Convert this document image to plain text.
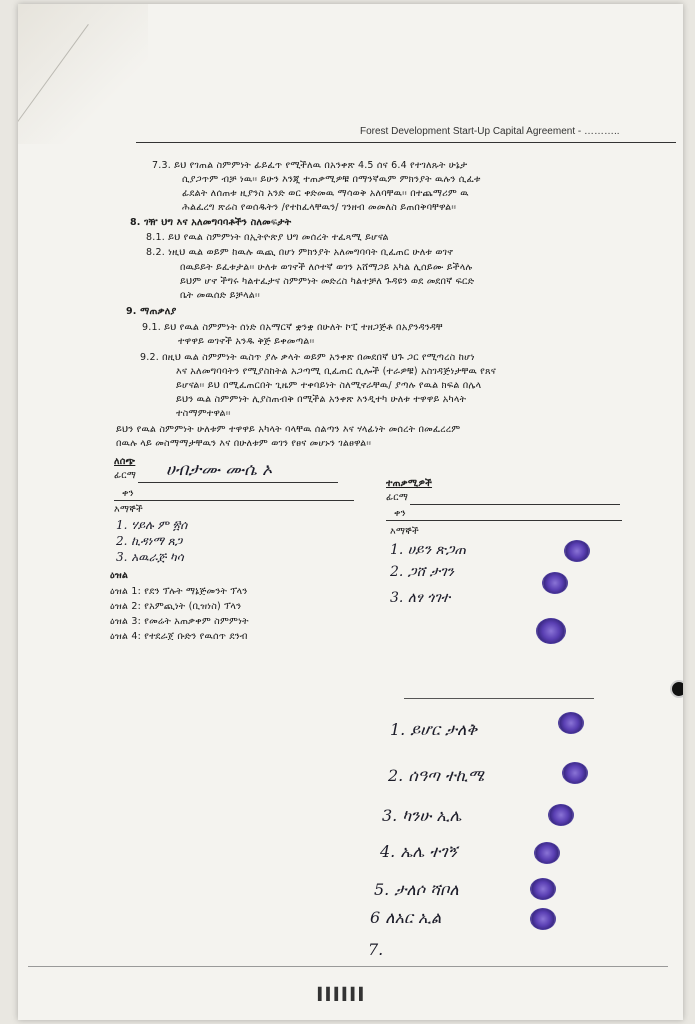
Forest Development Start-Up Capital Agreement - ………..
7.3. ይህ የገጠል ስምምነት ፊይፈጥ የሚችለዉ በአንቀጽ 4.5 ሰና 6.4 የተገለጹት ሁኔታ
ሲያጋጥም ብቻ ነዉ፡፡ ይሁን እንጂ ተጠቃሚዎቹ በማንኛዉም ምክንያት ዉሉን ሲፈቱ
ፊደልት ለሰጠቱ ዚያንስ አንድ ወር ቀድመዉ ማሳወቅ አለባቸዉ፡፡ በተጨማሪም ዉ
ሕልፈረግ ጽሬስ የወሰዱትን /የተከፈላቸዉን/ ገንዘብ መመለስ ይጠበቅባቸዋል፡፡
8. ገዥ ህግ እና አለመግባባቶችን ስለመፍታት
8.1. ይህ የዉል ስምምነት በኢትዮጵያ ህግ መሰረት ተፈጻሚ ይሆናል
8.2. ነዚህ ዉል ወይም ከዉሉ ዉጪ በሆነ ምክንያት አለመግባባት ቢፈጠር ሁለቱ ወገኖ
በዉይይት ይፈቱታል፡፡ ሁለቱ ወገኖች ለሶተኛ ወገን አሸማጋይ አካል ሊሰይሙ ይችላሉ
ይህም ሆኖ ችግሩ ካልተፈታና ስምምነት መድረስ ካልተቻለ ጉዳዩን ወደ መደበኛ ፍርድ
ቤት መዉሰድ ይቻላል፡፡
9. ማጠቃለያ
9.1. ይህ የዉል ስምምነት ሰነድ በአማርኛ ቋንቋ በሁለት ኮፒ ተዘጋጅቶ በአያንዳንዳቸ
ተዋዋይ ወገኖች አንዱ ቅጅ ይቀመጣል፡፡
9.2. በዚህ ዉል ስምምነት ዉስጥ ያሉ ቃላት ወይም አንቀጽ በመደበኛ ህጉ ጋር የሚጣረስ ከሆነ
እና አለመግባባትን የሚያስከትል አጋጣሚ ቢፈጠር ሲሎች (ተራዎቹ) አስገዳጅነታቸዉ የጸና
ይሆናል፡፡ ይህ በሚፈጠርበት ጊዜም ተቀባይነት ስለሚኖራቸዉ/ ያጣሉ የዉል ክፍል በሌላ
ይህን ዉል ስምምነት ሊያስጠብቅ በሚችል አንቀጽ እንዲተካ ሁለቱ ተዋዋይ አካላት
ተስማምተዋል፡፡
ይህን የዉል ስምምነት ሁለቱም ተዋዋይ አካላት ባላቸዉ ሰልጣን እና ሃላፊነት መሰረት በመፈረረም
በዉሉ ላይ መስማማታቸዉን እና በሁለቱም ወገን የፀና መሆኑን ገልፀዋል፡፡
ለሰጭ
ፊርማ ሀብታሙ ሙሴ ኦ
ቀን
እማኞች
1. ሃይሉ ም ፳ሰ
2. ኪዳነማ ጸጋ
3. አዉራጅ ካሳ
ዕዝል
ዕዝል 1: የደን ፕሉት ማኔጅመንት ፕላን
ዕዝል 2: የአምጪነት (ቢዝነስ) ፕላን
ዕዝል 3: የመሬት አጠቃቀም ስምምነት
ዕዝል 4: የተደራጀ ቡድን የዉሰጥ ደንብ
ተጠቃሚዎች
ፊርማ
ቀን
እማኞች
1. ሀይን ጽጋጠ
2. ጋሸ ታገን
3. ለፃ ጎገተ
1. ይሆር ታለቅ
2. ሰዓጣ ተኪሜ
3. ካንሁ ኢሌ
4. ኤሌ ተገኝ
5. ታለሶ ሻቦለ
6 ለአር ኢል
7.
▌▌▌▌▌▌
